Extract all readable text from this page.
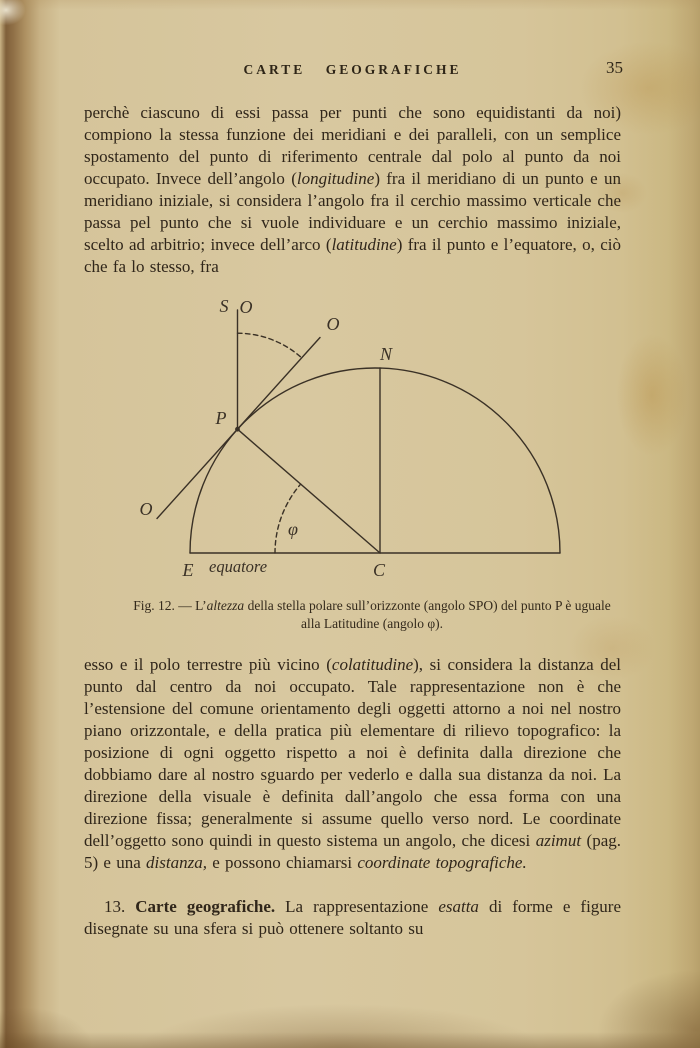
CARTE GEOGRAFICHE	35

perchè ciascuno di essi passa per punti che sono equidistanti da noi) compiono la stessa funzione dei meridiani e dei paralleli, con un semplice spostamento del punto di riferimento centrale dal polo al punto da noi occupato. Invece dell’angolo (longitudine) fra il meridiano di un punto e un meridiano iniziale, si considera l’angolo fra il cerchio massimo verticale che passa pel punto che si vuole individuare e un cerchio massimo iniziale, scelto ad arbitrio; invece dell’arco (latitudine) fra il punto e l’equatore, o, ciò che fa lo stesso, fra

S O
O
N
P
O
E	C
φ
equatore
Fig. 12. — L’altezza della stella polare sull’orizzonte (angolo SPO) del punto P è uguale alla Latitudine (angolo φ).

esso e il polo terrestre più vicino (colatitudine), si considera la distanza del punto dal centro da noi occupato. Tale rappresentazione non è che l’estensione del comune orientamento degli oggetti attorno a noi nel nostro piano orizzontale, e della pratica più elementare di rilievo topografico: la posizione di ogni oggetto rispetto a noi è definita dalla direzione che dobbiamo dare al nostro sguardo per vederlo e dalla sua distanza da noi. La direzione della visuale è definita dall’angolo che essa forma con una direzione fissa; generalmente si assume quello verso nord. Le coordinate dell’oggetto sono quindi in questo sistema un angolo, che dicesi azimut (pag. 5) e una distanza, e possono chiamarsi coordinate topografiche.

13. Carte geografiche. La rappresentazione esatta di forme e figure disegnate su una sfera si può ottenere soltanto su
